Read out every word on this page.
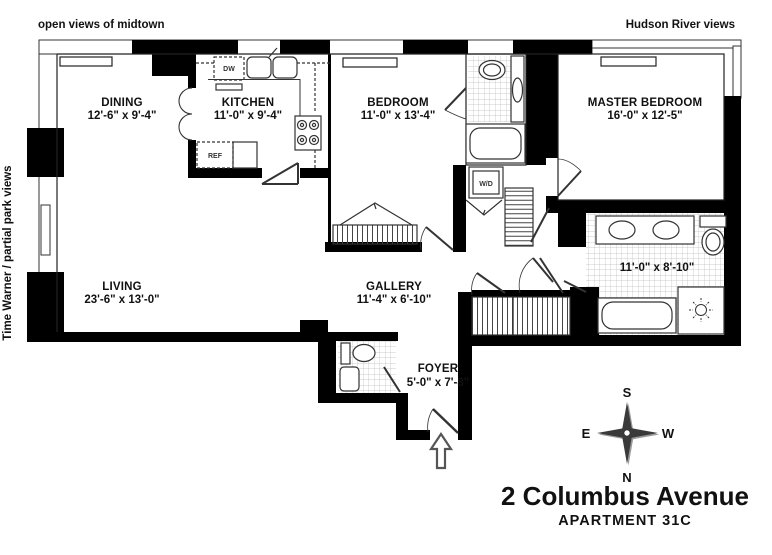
open views of midtown	Hudson River views
Time Warner / partial park views
DINING
12'-6" x 9'-4"
KITCHEN
11'-0" x 9'-4"
BEDROOM
11'-0" x 13'-4"
MASTER BEDROOM
16'-0" x 12'-5"
LIVING
23'-6" x 13'-0"
GALLERY
11'-4" x 6'-10"
FOYER
5'-0" x 7'-8"
11'-0" x 8'-10"
DW
REF
W/D
S
N
E	W
2 Columbus Avenue
APARTMENT 31C
